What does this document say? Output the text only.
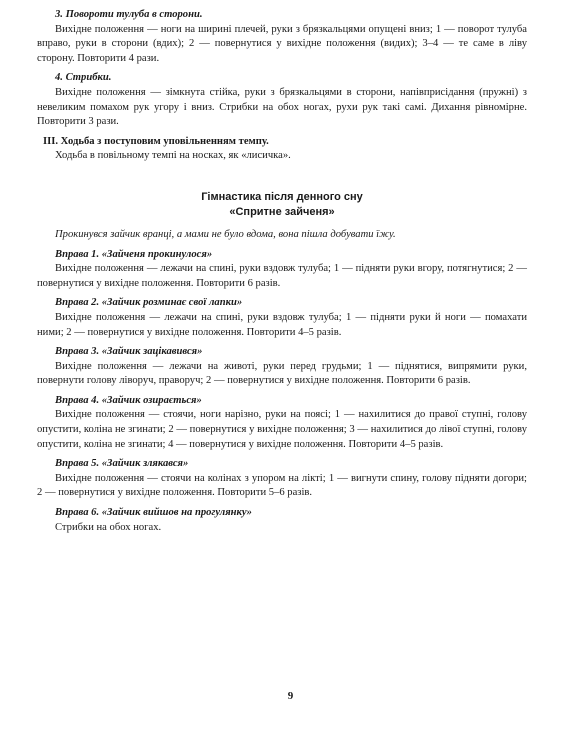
3. Повороти тулуба в сторони.

Вихідне положення — ноги на ширині плечей, руки з брязкальцями опущені вниз; 1 — поворот тулуба вправо, руки в сторони (вдих); 2 — повернутися у вихідне положення (видих); 3–4 — те саме в ліву сторону. Повторити 4 рази.

4. Стрибки.

Вихідне положення — зімкнута стійка, руки з брязкальцями в сторони, напівприсідання (пружні) з невеликим помахом рук угору і вниз. Стрибки на обох ногах, рухи рук такі самі. Дихання рівномірне. Повторити 3 рази.

III. Ходьба з поступовим уповільненням темпу.

Ходьба в повільному темпі на носках, як «лисичка».

Гімнастика після денного сну

«Спритне зайченя»

Прокинувся зайчик вранці, а мами не було вдома, вона пішла добувати їжу.

Вправа 1. «Зайченя прокинулося»

Вихідне положення — лежачи на спині, руки вздовж тулуба; 1 — підняти руки вгору, потягнутися; 2 — повернутися у вихідне положення. Повторити 6 разів.

Вправа 2. «Зайчик розминає свої лапки»

Вихідне положення — лежачи на спині, руки вздовж тулуба; 1 — підняти руки й ноги — помахати ними; 2 — повернутися у вихідне положення. Повторити 4–5 разів.

Вправа 3. «Зайчик зацікавився»

Вихідне положення — лежачи на животі, руки перед грудьми; 1 — піднятися, випрямити руки, повернути голову ліворуч, праворуч; 2 — повернутися у вихідне положення. Повторити 6 разів.

Вправа 4. «Зайчик озирається»

Вихідне положення — стоячи, ноги нарізно, руки на поясі; 1 — нахилитися до правої ступні, голову опустити, коліна не згинати; 2 — повернутися у вихідне положення; 3 — нахилитися до лівої ступні, голову опустити, коліна не згинати; 4 — повернутися у вихідне положення. Повторити 4–5 разів.

Вправа 5. «Зайчик злякався»

Вихідне положення — стоячи на колінах з упором на лікті; 1 — вигнути спину, голову підняти догори; 2 — повернутися у вихідне положення. Повторити 5–6 разів.

Вправа 6. «Зайчик вийшов на прогулянку»

Стрибки на обох ногах.

9
